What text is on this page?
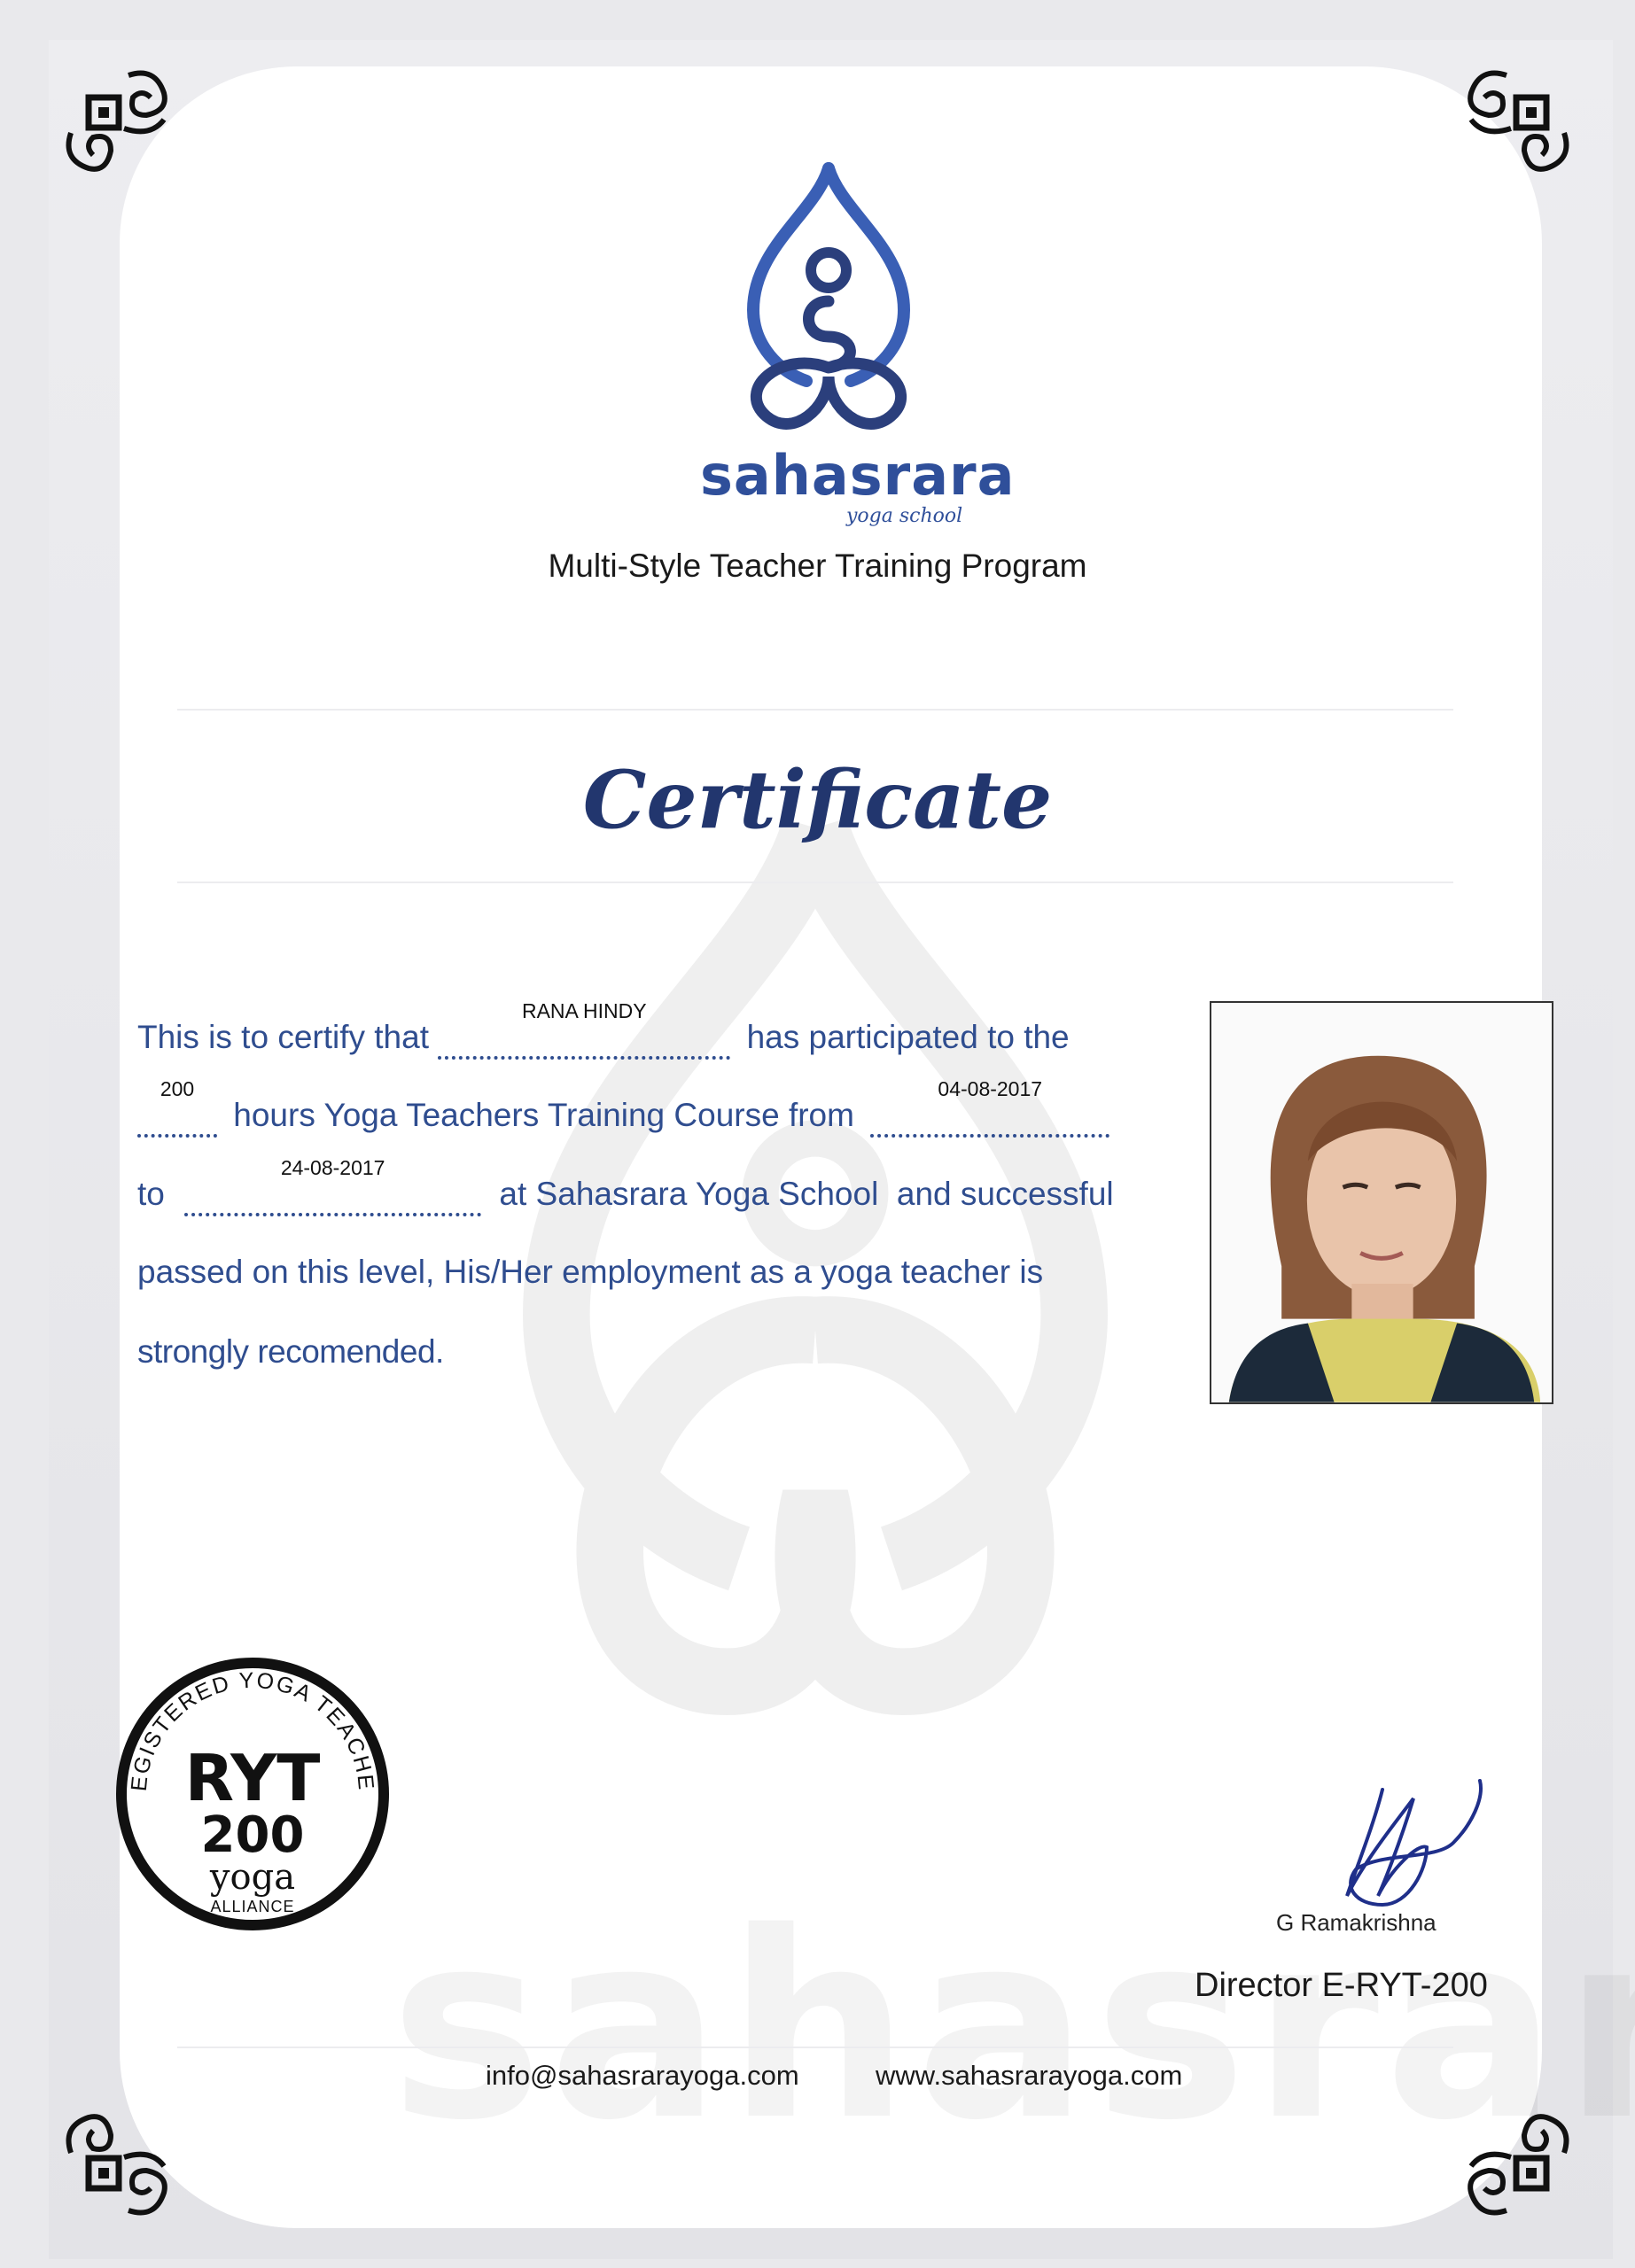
sahasrara
yoga school
Multi-Style Teacher Training Program
Certificate
This is to certify that
RANA HINDY
has participated to the

200
hours Yoga Teachers Training Course from
04-08-2017
to
24-08-2017
at Sahasrara Yoga School  and successful
passed on this level, His/Her employment as a yoga teacher is
strongly recomended.
EGISTERED YOGA TEACHE
RYT
200
yoga
ALLIANCE
G Ramakrishna
Director E-RYT-200
info@sahasrarayoga.com	www.sahasrarayoga.com
